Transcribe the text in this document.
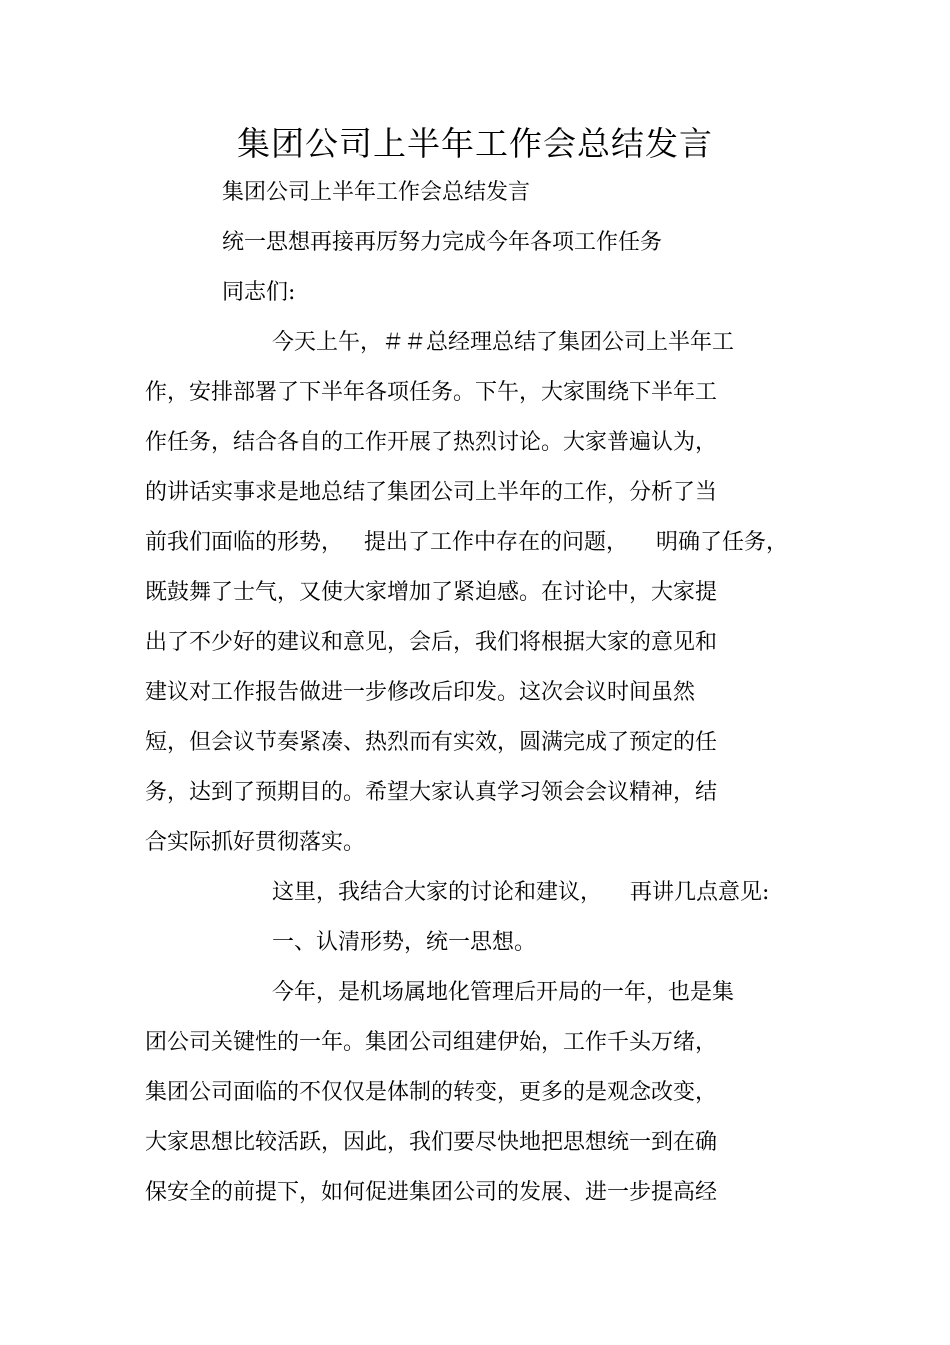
集团公司上半年工作会总结发言

集团公司上半年工作会总结发言

统一思想再接再厉努力完成今年各项工作任务

同志们:

今天上午，＃＃总经理总结了集团公司上半年工

作，安排部署了下半年各项任务。下午，大家围绕下半年工

作任务，结合各自的工作开展了热烈讨论。大家普遍认为，

的讲话实事求是地总结了集团公司上半年的工作，分析了当

前我们面临的形势，   提出了工作中存在的问题，    明确了任务，

既鼓舞了士气，又使大家增加了紧迫感。在讨论中，大家提

出了不少好的建议和意见，会后，我们将根据大家的意见和

建议对工作报告做进一步修改后印发。这次会议时间虽然

短，但会议节奏紧凑、热烈而有实效，圆满完成了预定的任

务，达到了预期目的。希望大家认真学习领会会议精神，结

合实际抓好贯彻落实。

这里，我结合大家的讨论和建议，    再讲几点意见:

一、认清形势，统一思想。

今年，是机场属地化管理后开局的一年，也是集

团公司关键性的一年。集团公司组建伊始，工作千头万绪，

集团公司面临的不仅仅是体制的转变，更多的是观念改变，

大家思想比较活跃，因此，我们要尽快地把思想统一到在确

保安全的前提下，如何促进集团公司的发展、进一步提高经
